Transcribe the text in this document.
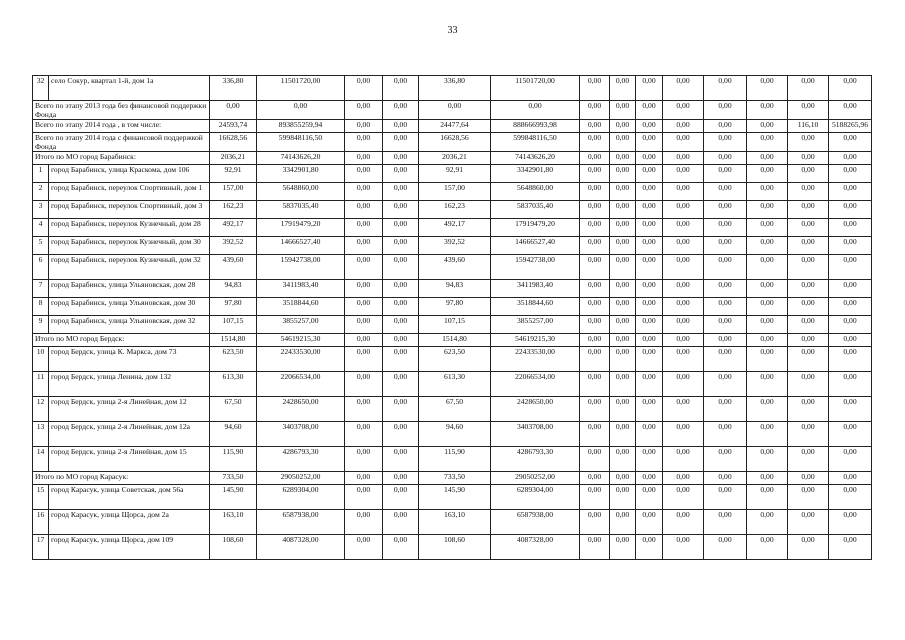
33
32	село Сокур, квартал 1-й, дом 1а	336,80	11501720,00	0,00	0,00	336,80	11501720,00	0,00	0,00	0,00	0,00	0,00	0,00	0,00	0,00
Всего по этапу 2013 года без финансовой поддержки Фонда		0,00	0,00	0,00	0,00	0,00	0,00	0,00	0,00	0,00	0,00	0,00	0,00	0,00	0,00
Всего по этапу 2014 года , в том числе:		24593,74	893855259,94	0,00	0,00	24477,64	888666993,98	0,00	0,00	0,00	0,00	0,00	0,00	116,10	5188265,96
Всего по этапу 2014 года с финансовой поддержкой Фонда		16628,56	599848116,50	0,00	0,00	16628,56	599848116,50	0,00	0,00	0,00	0,00	0,00	0,00	0,00	0,00
Итого по МО город Барабинск:		2036,21	74143626,20	0,00	0,00	2036,21	74143626,20	0,00	0,00	0,00	0,00	0,00	0,00	0,00	0,00
1	город Барабинск, улица Краскома, дом 106	92,91	3342901,80	0,00	0,00	92,91	3342901,80	0,00	0,00	0,00	0,00	0,00	0,00	0,00	0,00
2	город Барабинск, переулок Спортивный, дом 1	157,00	5648860,00	0,00	0,00	157,00	5648860,00	0,00	0,00	0,00	0,00	0,00	0,00	0,00	0,00
3	город Барабинск, переулок Спортивный, дом 3	162,23	5837035,40	0,00	0,00	162,23	5837035,40	0,00	0,00	0,00	0,00	0,00	0,00	0,00	0,00
4	город Барабинск, переулок Кузнечный, дом 28	492,17	17919479,20	0,00	0,00	492,17	17919479,20	0,00	0,00	0,00	0,00	0,00	0,00	0,00	0,00
5	город Барабинск, переулок Кузнечный, дом 30	392,52	14666527,40	0,00	0,00	392,52	14666527,40	0,00	0,00	0,00	0,00	0,00	0,00	0,00	0,00
6	город Барабинск, переулок Кузнечный, дом 32	439,60	15942738,00	0,00	0,00	439,60	15942738,00	0,00	0,00	0,00	0,00	0,00	0,00	0,00	0,00
7	город Барабинск, улица Ульяновская, дом 28	94,83	3411983,40	0,00	0,00	94,83	3411983,40	0,00	0,00	0,00	0,00	0,00	0,00	0,00	0,00
8	город Барабинск, улица Ульяновская, дом 30	97,80	3518844,60	0,00	0,00	97,80	3518844,60	0,00	0,00	0,00	0,00	0,00	0,00	0,00	0,00
9	город Барабинск, улица Ульяновская, дом 32	107,15	3855257,00	0,00	0,00	107,15	3855257,00	0,00	0,00	0,00	0,00	0,00	0,00	0,00	0,00
Итого по МО город Бердск:		1514,80	54619215,30	0,00	0,00	1514,80	54619215,30	0,00	0,00	0,00	0,00	0,00	0,00	0,00	0,00
10	город Бердск, улица К. Маркса, дом 73	623,50	22433530,00	0,00	0,00	623,50	22433530,00	0,00	0,00	0,00	0,00	0,00	0,00	0,00	0,00
11	город Бердск, улица Ленина, дом 132	613,30	22066534,00	0,00	0,00	613,30	22066534,00	0,00	0,00	0,00	0,00	0,00	0,00	0,00	0,00
12	город Бердск, улица 2-я Линейная, дом 12	67,50	2428650,00	0,00	0,00	67,50	2428650,00	0,00	0,00	0,00	0,00	0,00	0,00	0,00	0,00
13	город Бердск, улица 2-я Линейная, дом 12а	94,60	3403708,00	0,00	0,00	94,60	3403708,00	0,00	0,00	0,00	0,00	0,00	0,00	0,00	0,00
14	город Бердск, улица 2-я Линейная, дом 15	115,90	4286793,30	0,00	0,00	115,90	4286793,30	0,00	0,00	0,00	0,00	0,00	0,00	0,00	0,00
Итого по МО город Карасук:		733,50	29050252,00	0,00	0,00	733,50	29050252,00	0,00	0,00	0,00	0,00	0,00	0,00	0,00	0,00
15	город Карасук, улица Советская, дом 56а	145,90	6289304,00	0,00	0,00	145,90	6289304,00	0,00	0,00	0,00	0,00	0,00	0,00	0,00	0,00
16	город Карасук, улица Щорса, дом 2а	163,10	6587938,00	0,00	0,00	163,10	6587938,00	0,00	0,00	0,00	0,00	0,00	0,00	0,00	0,00
17	город Карасук, улица Щорса, дом 109	108,60	4087328,00	0,00	0,00	108,60	4087328,00	0,00	0,00	0,00	0,00	0,00	0,00	0,00	0,00
